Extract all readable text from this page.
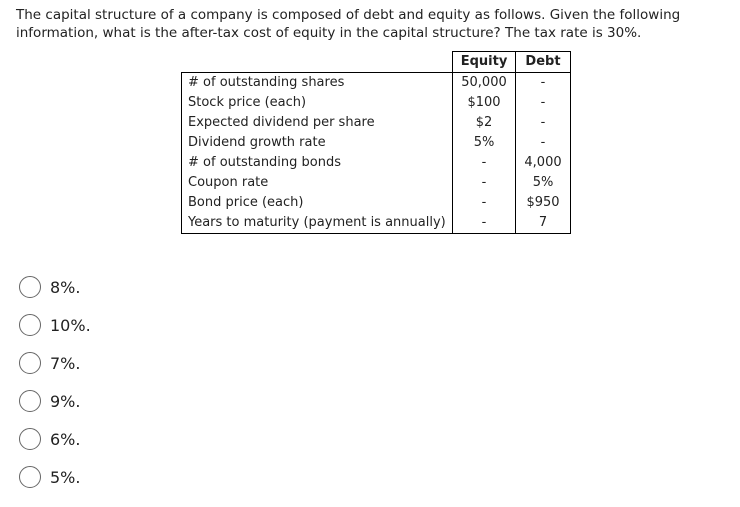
The capital structure of a company is composed of debt and equity as follows. Given the following information, what is the after-tax cost of equity in the capital structure? The tax rate is 30%.
	Equity	Debt
# of outstanding shares	50,000	-
Stock price (each)	$100	-
Expected dividend per share	$2	-
Dividend growth rate	5%	-
# of outstanding bonds	-	4,000
Coupon rate	-	5%
Bond price (each)	-	$950
Years to maturity (payment is annually)	-	7
8%.
10%.
7%.
9%.
6%.
5%.
